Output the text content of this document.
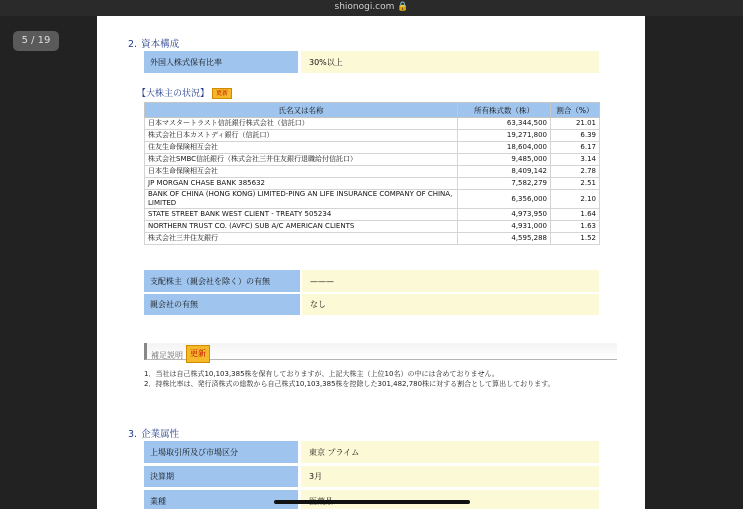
shionogi.com 🔒
5 / 19	2. 資本構成
外国人株式保有比率	30%以上
【大株主の状況】 更新
氏名又は名称	所有株式数（株）	割合（%）
日本マスタートラスト信託銀行株式会社（信託口）	63,344,500	21.01
株式会社日本カストディ銀行（信託口）	19,271,800	6.39
住友生命保険相互会社	18,604,000	6.17
株式会社SMBC信託銀行（株式会社三井住友銀行退職給付信託口）	9,485,000	3.14
日本生命保険相互会社	8,409,142	2.78
JP MORGAN CHASE BANK 385632	7,582,279	2.51
BANK OF CHINA (HONG KONG) LIMITED-PING AN LIFE INSURANCE COMPANY OF CHINA, LIMITED	6,356,000	2.10
STATE STREET BANK WEST CLIENT - TREATY 505234	4,973,950	1.64
NORTHERN TRUST CO. (AVFC) SUB A/C AMERICAN CLIENTS	4,931,000	1.63
株式会社三井住友銀行	4,595,288	1.52
支配株主（親会社を除く）の有無	———
親会社の有無	なし
補足説明 更新
1．当社は自己株式10,103,385株を保有しておりますが、上記大株主（上位10名）の中には含めておりません。
2．持株比率は、発行済株式の総数から自己株式10,103,385株を控除した301,482,780株に対する割合として算出しております。
3. 企業属性
上場取引所及び市場区分	東京 プライム
決算期	3月
業種
